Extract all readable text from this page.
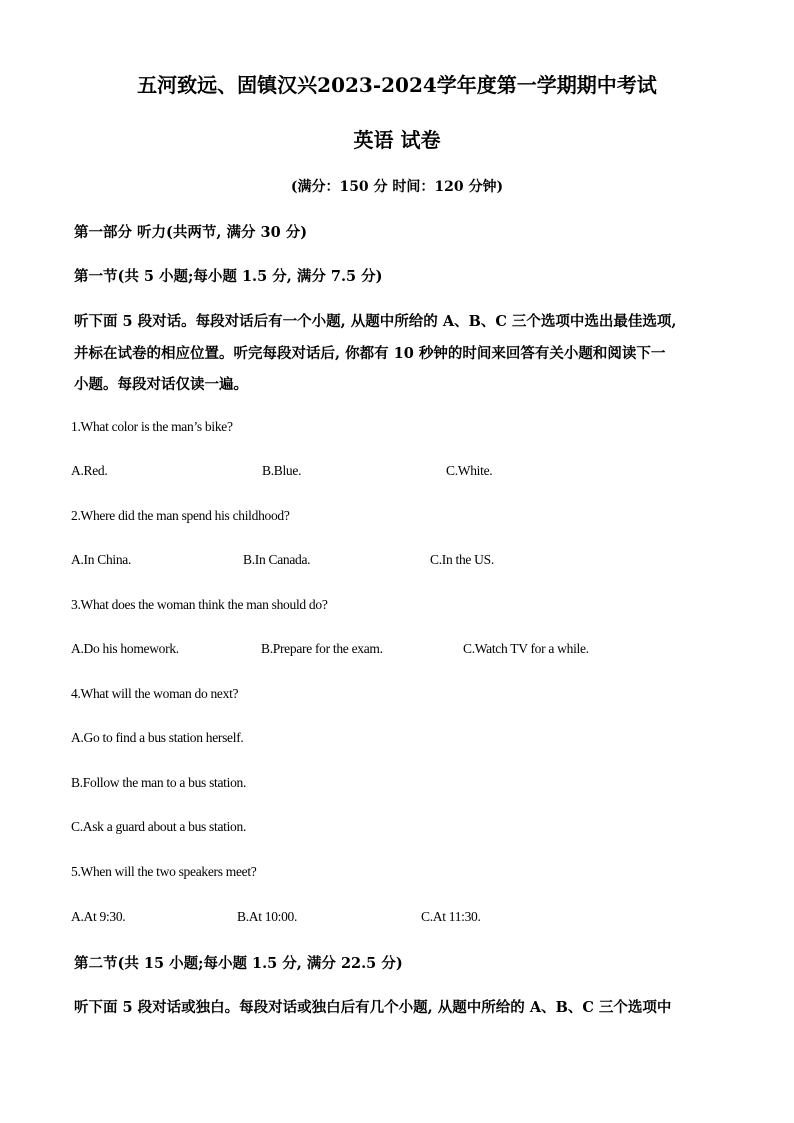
五河致远、固镇汉兴2023-2024学年度第一学期期中考试
英语 试卷
(满分：150 分 时间：120 分钟)
第一部分 听力(共两节, 满分 30 分)
第一节(共 5 小题;每小题 1.5 分, 满分 7.5 分)
听下面 5 段对话。每段对话后有一个小题, 从题中所给的 A、B、C 三个选项中选出最佳选项,
并标在试卷的相应位置。听完每段对话后, 你都有 10 秒钟的时间来回答有关小题和阅读下一
小题。每段对话仅读一遍。
1.What color is the man’s bike?
A.Red.	B.Blue.	C.White.
2.Where did the man spend his childhood?
A.In China.	B.In Canada.	C.In the US.
3.What does the woman think the man should do?
A.Do his homework.	B.Prepare for the exam.	C.Watch TV for a while.
4.What will the woman do next?
A.Go to find a bus station herself.
B.Follow the man to a bus station.
C.Ask a guard about a bus station.
5.When will the two speakers meet?
A.At 9:30.	B.At 10:00.	C.At 11:30.
第二节(共 15 小题;每小题 1.5 分, 满分 22.5 分)
听下面 5 段对话或独白。每段对话或独白后有几个小题, 从题中所给的 A、B、C 三个选项中
